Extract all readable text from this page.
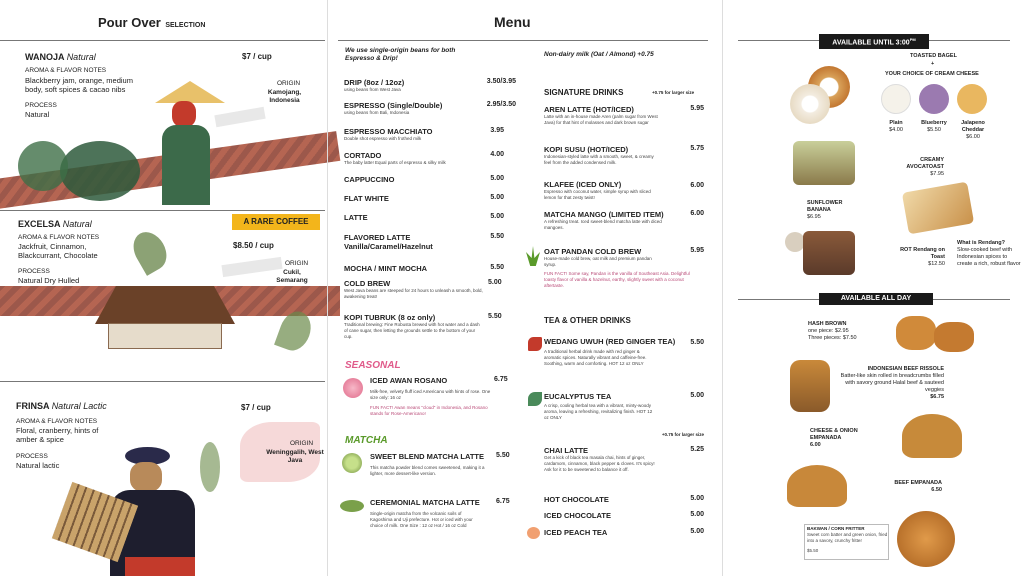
Pour Over SELECTION
WANOJA Natural	$7 / cup
AROMA & FLAVOR NOTES
Blackberry jam, orange, medium body, soft spices & cacao nibs
PROCESS
Natural
ORIGIN
Kamojang, Indonesia
EXCELSA Natural	A RARE COFFEE
$8.50 / cup
AROMA & FLAVOR NOTES
Jackfruit, Cinnamon, Blackcurrant, Chocolate
PROCESS
Natural Dry Hulled
ORIGIN
Cukil, Semarang
FRINSA Natural Lactic	$7 / cup
AROMA & FLAVOR NOTES
Floral, cranberry, hints of amber & spice
PROCESS
Natural lactic
ORIGIN
Weninggalih, West Java
Menu
We use single-origin beans for both Espresso & Drip!
DRIP (8oz / 12oz)	3.50/3.95
using beans from West Java
ESPRESSO (Single/Double)	2.95/3.50
using beans from Bali, Indonesia
ESPRESSO MACCHIATO	3.95
Double shot espresso with frothed milk
CORTADO	4.00
The baby latte! Equal parts of espresso & silky milk
CAPPUCCINO	5.00
FLAT WHITE	5.00
LATTE	5.00
FLAVORED LATTE	5.50
Vanilla/Caramel/Hazelnut
MOCHA / MINT MOCHA	5.50
COLD BREW	5.00
West Java beans are steeped for 24 hours to unleash a smooth, bold, awakening treat!
KOPI TUBRUK (8 oz only)	5.50
Traditional brewing: Fine Robusta brewed with hot water and a dash of cane sugar, then letting the grounds settle to the bottom of your cup.
SEASONAL
ICED AWAN ROSANO	6.75
Milk-free, velvety fluff iced Americano with hints of rose. One size only: 16 oz
FUN FACT! Awan means "cloud" in Indonesia, and Rosano stands for Rose-Americano!
MATCHA
SWEET BLEND MATCHA LATTE	5.50
This matcha powder blend comes sweetened, making it a lighter, more dessert-like version.
CEREMONIAL MATCHA LATTE	6.75
Single-origin matcha from the volcanic soils of Kagoshima and Uji prefecture. Hot or iced with your choice of milk. One Size : 12 oz Hot / 16 oz Cold
Non-dairy milk (Oat / Almond) +0.75
SIGNATURE DRINKS	+0.75 for larger size
AREN LATTE (HOT/ICED)	5.95
Latte with an in-house made Aren (palm sugar from West Java) for that hint of molasses and dark brown sugar
KOPI SUSU (HOT/ICED)	5.75
Indonesian-styled latte with a smooth, sweet, & creamy feel from the added condensed milk.
KLAFEE (ICED ONLY)	6.00
Espresso with coconut water, simple syrup with sliced lemon for that zesty twist!
MATCHA MANGO (LIMITED ITEM)	6.00
A refreshing treat. Iced sweet-blend matcha latte with diced mangoes.
OAT PANDAN COLD BREW	5.95
House-made cold brew, oat milk and premium pandan syrup.
FUN FACT! Some say, Pandan is the vanilla of Southeast Asia. Delightful toasty flavor of vanilla & hazelnut, earthy, slightly sweet with a coconut aftertaste.
TEA & OTHER DRINKS
WEDANG UWUH (RED GINGER TEA)	5.50
A traditional herbal drink made with red ginger & aromatic spices. Naturally vibrant and caffeine-free. Soothing, warm and comforting. HOT 12 oz ONLY
EUCALYPTUS TEA	5.00
A crisp, cooling herbal tea with a vibrant, minty-woody aroma, leaving a refreshing, revitalizing finish. HOT 12 oz ONLY
+0.75 for larger size
CHAI LATTE	5.25
Get a kick of black tea masala chai, hints of ginger, cardamom, cinnamon, black pepper & cloves. It's spicy! Ask for it to be sweetened to balance it off.
HOT CHOCOLATE	5.00
ICED CHOCOLATE	5.00
ICED PEACH TEA	5.00
AVAILABLE UNTIL $3:00^{PM}$
TOASTED BAGEL
+
YOUR CHOICE OF CREAM CHEESE
Plain
$4.00
Blueberry
$5.50
Jalapeno Cheddar
$6.00
CREAMY AVOCATOAST
$7.95
SUNFLOWER BANANA
$6.95
ROT Rendang on Toast
$12.50
What is Rendang?
Slow-cooked beef with Indonesian spices to create a rich, robust flavor
AVAILABLE ALL DAY
HASH BROWN
one piece: $2.95
Three pieces: $7.50
INDONESIAN BEEF RISSOLE
Batter-like skin rolled in breadcrumbs filled with savory ground Halal beef & sauteed veggies
$6.75
CHEESE & ONION EMPANADA
6.00
BEEF EMPANADA
6.50
BAKWAN / CORN FRITTER
Sweet corn batter and green onion, fried into a savory, crunchy fritter
$5.50
